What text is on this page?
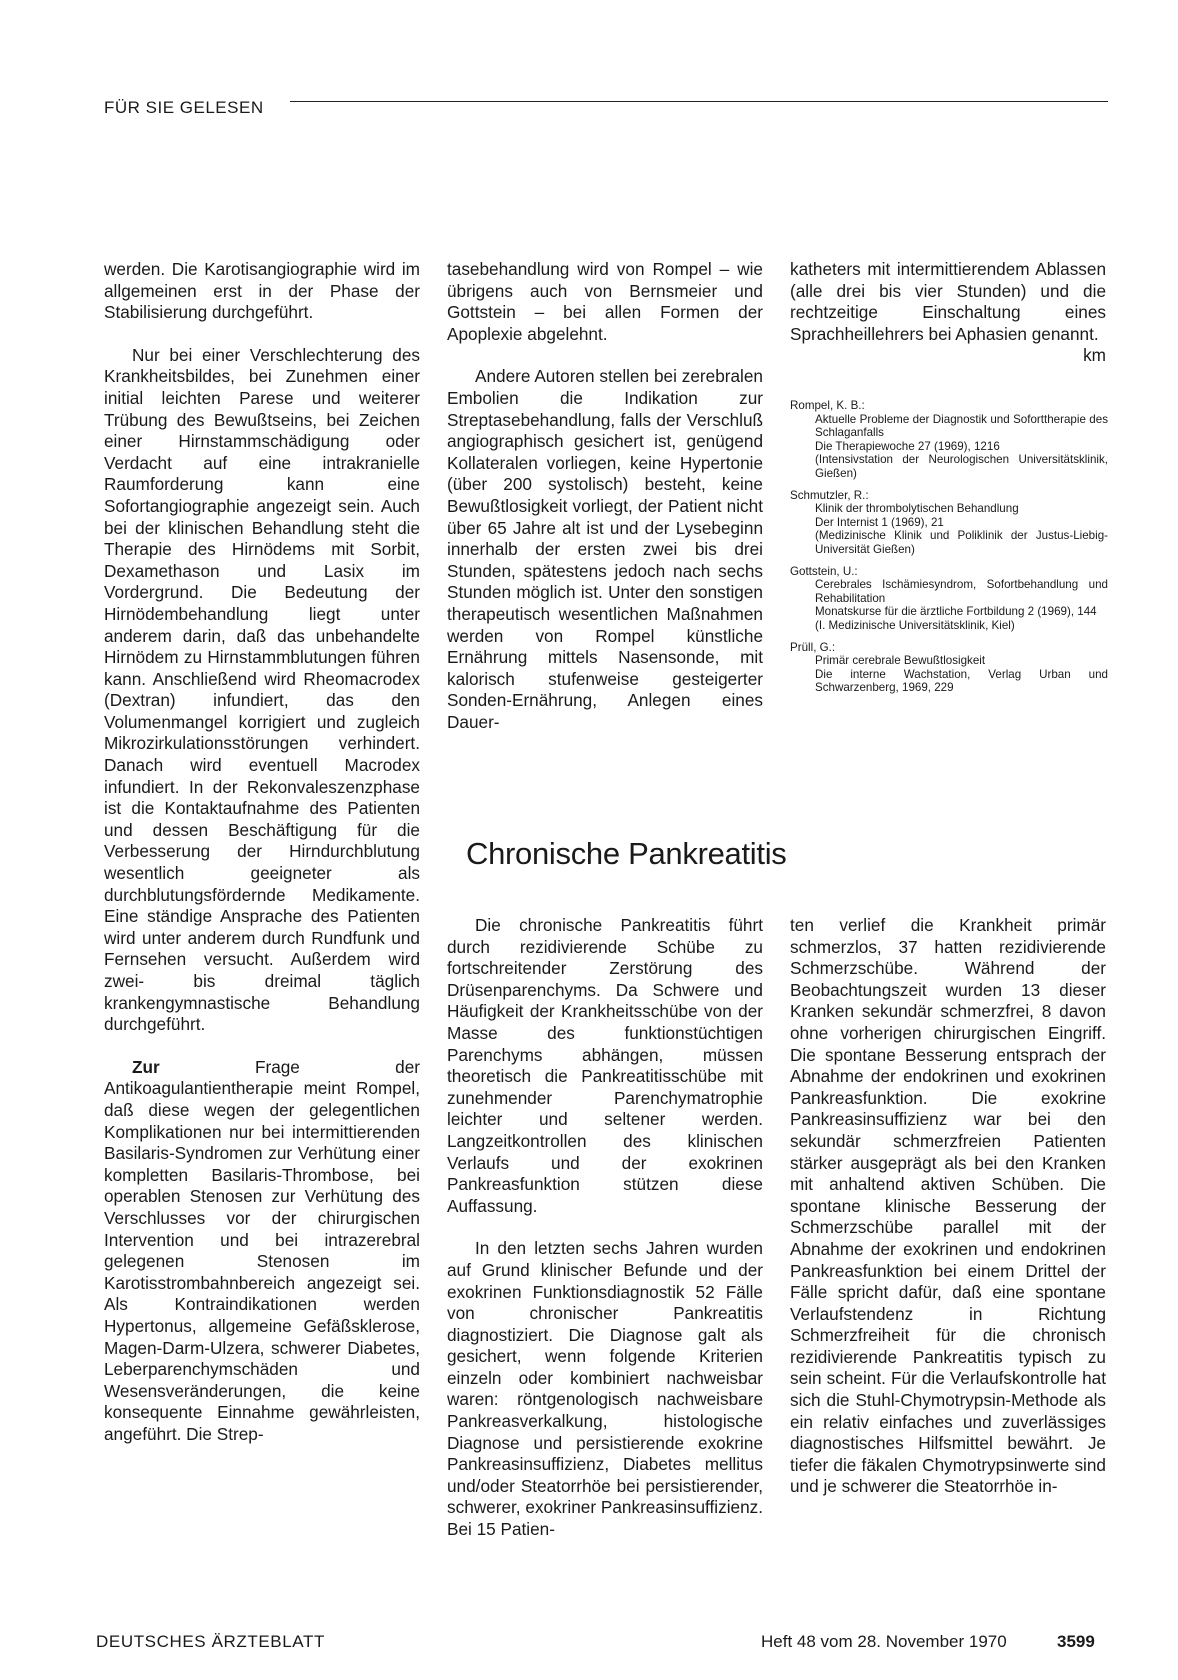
FÜR SIE GELESEN

werden. Die Karotisangiographie wird im allgemeinen erst in der Phase der Stabilisierung durchgeführt.

Nur bei einer Verschlechterung des Krankheitsbildes, bei Zunehmen einer initial leichten Parese und weiterer Trübung des Bewußtseins, bei Zeichen einer Hirnstammschädigung oder Verdacht auf eine intrakranielle Raumforderung kann eine Sofortangiographie angezeigt sein. Auch bei der klinischen Behandlung steht die Therapie des Hirnödems mit Sorbit, Dexamethason und Lasix im Vordergrund. Die Bedeutung der Hirnödembehandlung liegt unter anderem darin, daß das unbehandelte Hirnödem zu Hirnstammblutungen führen kann. Anschließend wird Rheomacrodex (Dextran) infundiert, das den Volumenmangel korrigiert und zugleich Mikrozirkulationsstörungen verhindert. Danach wird eventuell Macrodex infundiert. In der Rekonvaleszenzphase ist die Kontaktaufnahme des Patienten und dessen Beschäftigung für die Verbesserung der Hirndurchblutung wesentlich geeigneter als durchblutungsfördernde Medikamente. Eine ständige Ansprache des Patienten wird unter anderem durch Rundfunk und Fernsehen versucht. Außerdem wird zwei- bis dreimal täglich krankengymnastische Behandlung durchgeführt.

Zur Frage der Antikoagulantientherapie meint Rompel, daß diese wegen der gelegentlichen Komplikationen nur bei intermittierenden Basilaris-Syndromen zur Verhütung einer kompletten Basilaris-Thrombose, bei operablen Stenosen zur Verhütung des Verschlusses vor der chirurgischen Intervention und bei intrazerebral gelegenen Stenosen im Karotisstrombahnbereich angezeigt sei. Als Kontraindikationen werden Hypertonus, allgemeine Gefäßsklerose, Magen-Darm-Ulzera, schwerer Diabetes, Leberparenchymschäden und Wesensveränderungen, die keine konsequente Einnahme gewährleisten, angeführt. Die Strep-

tasebehandlung wird von Rompel – wie übrigens auch von Bernsmeier und Gottstein – bei allen Formen der Apoplexie abgelehnt.

Andere Autoren stellen bei zerebralen Embolien die Indikation zur Streptasebehandlung, falls der Verschluß angiographisch gesichert ist, genügend Kollateralen vorliegen, keine Hypertonie (über 200 systolisch) besteht, keine Bewußtlosigkeit vorliegt, der Patient nicht über 65 Jahre alt ist und der Lysebeginn innerhalb der ersten zwei bis drei Stunden, spätestens jedoch nach sechs Stunden möglich ist. Unter den sonstigen therapeutisch wesentlichen Maßnahmen werden von Rompel künstliche Ernährung mittels Nasensonde, mit kalorisch stufenweise gesteigerter Sonden-Ernährung, Anlegen eines Dauer-

katheters mit intermittierendem Ablassen (alle drei bis vier Stunden) und die rechtzeitige Einschaltung eines Sprachheillehrers bei Aphasien genannt.
km

Rompel, K. B.:
Aktuelle Probleme der Diagnostik und Soforttherapie des Schlaganfalls
Die Therapiewoche 27 (1969), 1216
(Intensivstation der Neurologischen Universitätsklinik, Gießen)
Schmutzler, R.:
Klinik der thrombolytischen Behandlung
Der Internist 1 (1969), 21
(Medizinische Klinik und Poliklinik der Justus-Liebig-Universität Gießen)
Gottstein, U.:
Cerebrales Ischämiesyndrom, Sofortbehandlung und Rehabilitation
Monatskurse für die ärztliche Fortbildung 2 (1969), 144
(I. Medizinische Universitätsklinik, Kiel)
Prüll, G.:
Primär cerebrale Bewußtlosigkeit
Die interne Wachstation, Verlag Urban und Schwarzenberg, 1969, 229
Chronische Pankreatitis

Die chronische Pankreatitis führt durch rezidivierende Schübe zu fortschreitender Zerstörung des Drüsenparenchyms. Da Schwere und Häufigkeit der Krankheitsschübe von der Masse des funktionstüchtigen Parenchyms abhängen, müssen theoretisch die Pankreatitisschübe mit zunehmender Parenchymatrophie leichter und seltener werden. Langzeitkontrollen des klinischen Verlaufs und der exokrinen Pankreasfunktion stützen diese Auffassung.

In den letzten sechs Jahren wurden auf Grund klinischer Befunde und der exokrinen Funktionsdiagnostik 52 Fälle von chronischer Pankreatitis diagnostiziert. Die Diagnose galt als gesichert, wenn folgende Kriterien einzeln oder kombiniert nachweisbar waren: röntgenologisch nachweisbare Pankreasverkalkung, histologische Diagnose und persistierende exokrine Pankreasinsuffizienz, Diabetes mellitus und/oder Steatorrhöe bei persistierender, schwerer, exokriner Pankreasinsuffizienz. Bei 15 Patien-

ten verlief die Krankheit primär schmerzlos, 37 hatten rezidivierende Schmerzschübe. Während der Beobachtungszeit wurden 13 dieser Kranken sekundär schmerzfrei, 8 davon ohne vorherigen chirurgischen Eingriff. Die spontane Besserung entsprach der Abnahme der endokrinen und exokrinen Pankreasfunktion. Die exokrine Pankreasinsuffizienz war bei den sekundär schmerzfreien Patienten stärker ausgeprägt als bei den Kranken mit anhaltend aktiven Schüben. Die spontane klinische Besserung der Schmerzschübe parallel mit der Abnahme der exokrinen und endokrinen Pankreasfunktion bei einem Drittel der Fälle spricht dafür, daß eine spontane Verlaufstendenz in Richtung Schmerzfreiheit für die chronisch rezidivierende Pankreatitis typisch zu sein scheint. Für die Verlaufskontrolle hat sich die Stuhl-Chymotrypsin-Methode als ein relativ einfaches und zuverlässiges diagnostisches Hilfsmittel bewährt. Je tiefer die fäkalen Chymotrypsinwerte sind und je schwerer die Steatorrhöe in-

DEUTSCHES ÄRZTEBLATT	Heft 48 vom 28. November 1970	3599
